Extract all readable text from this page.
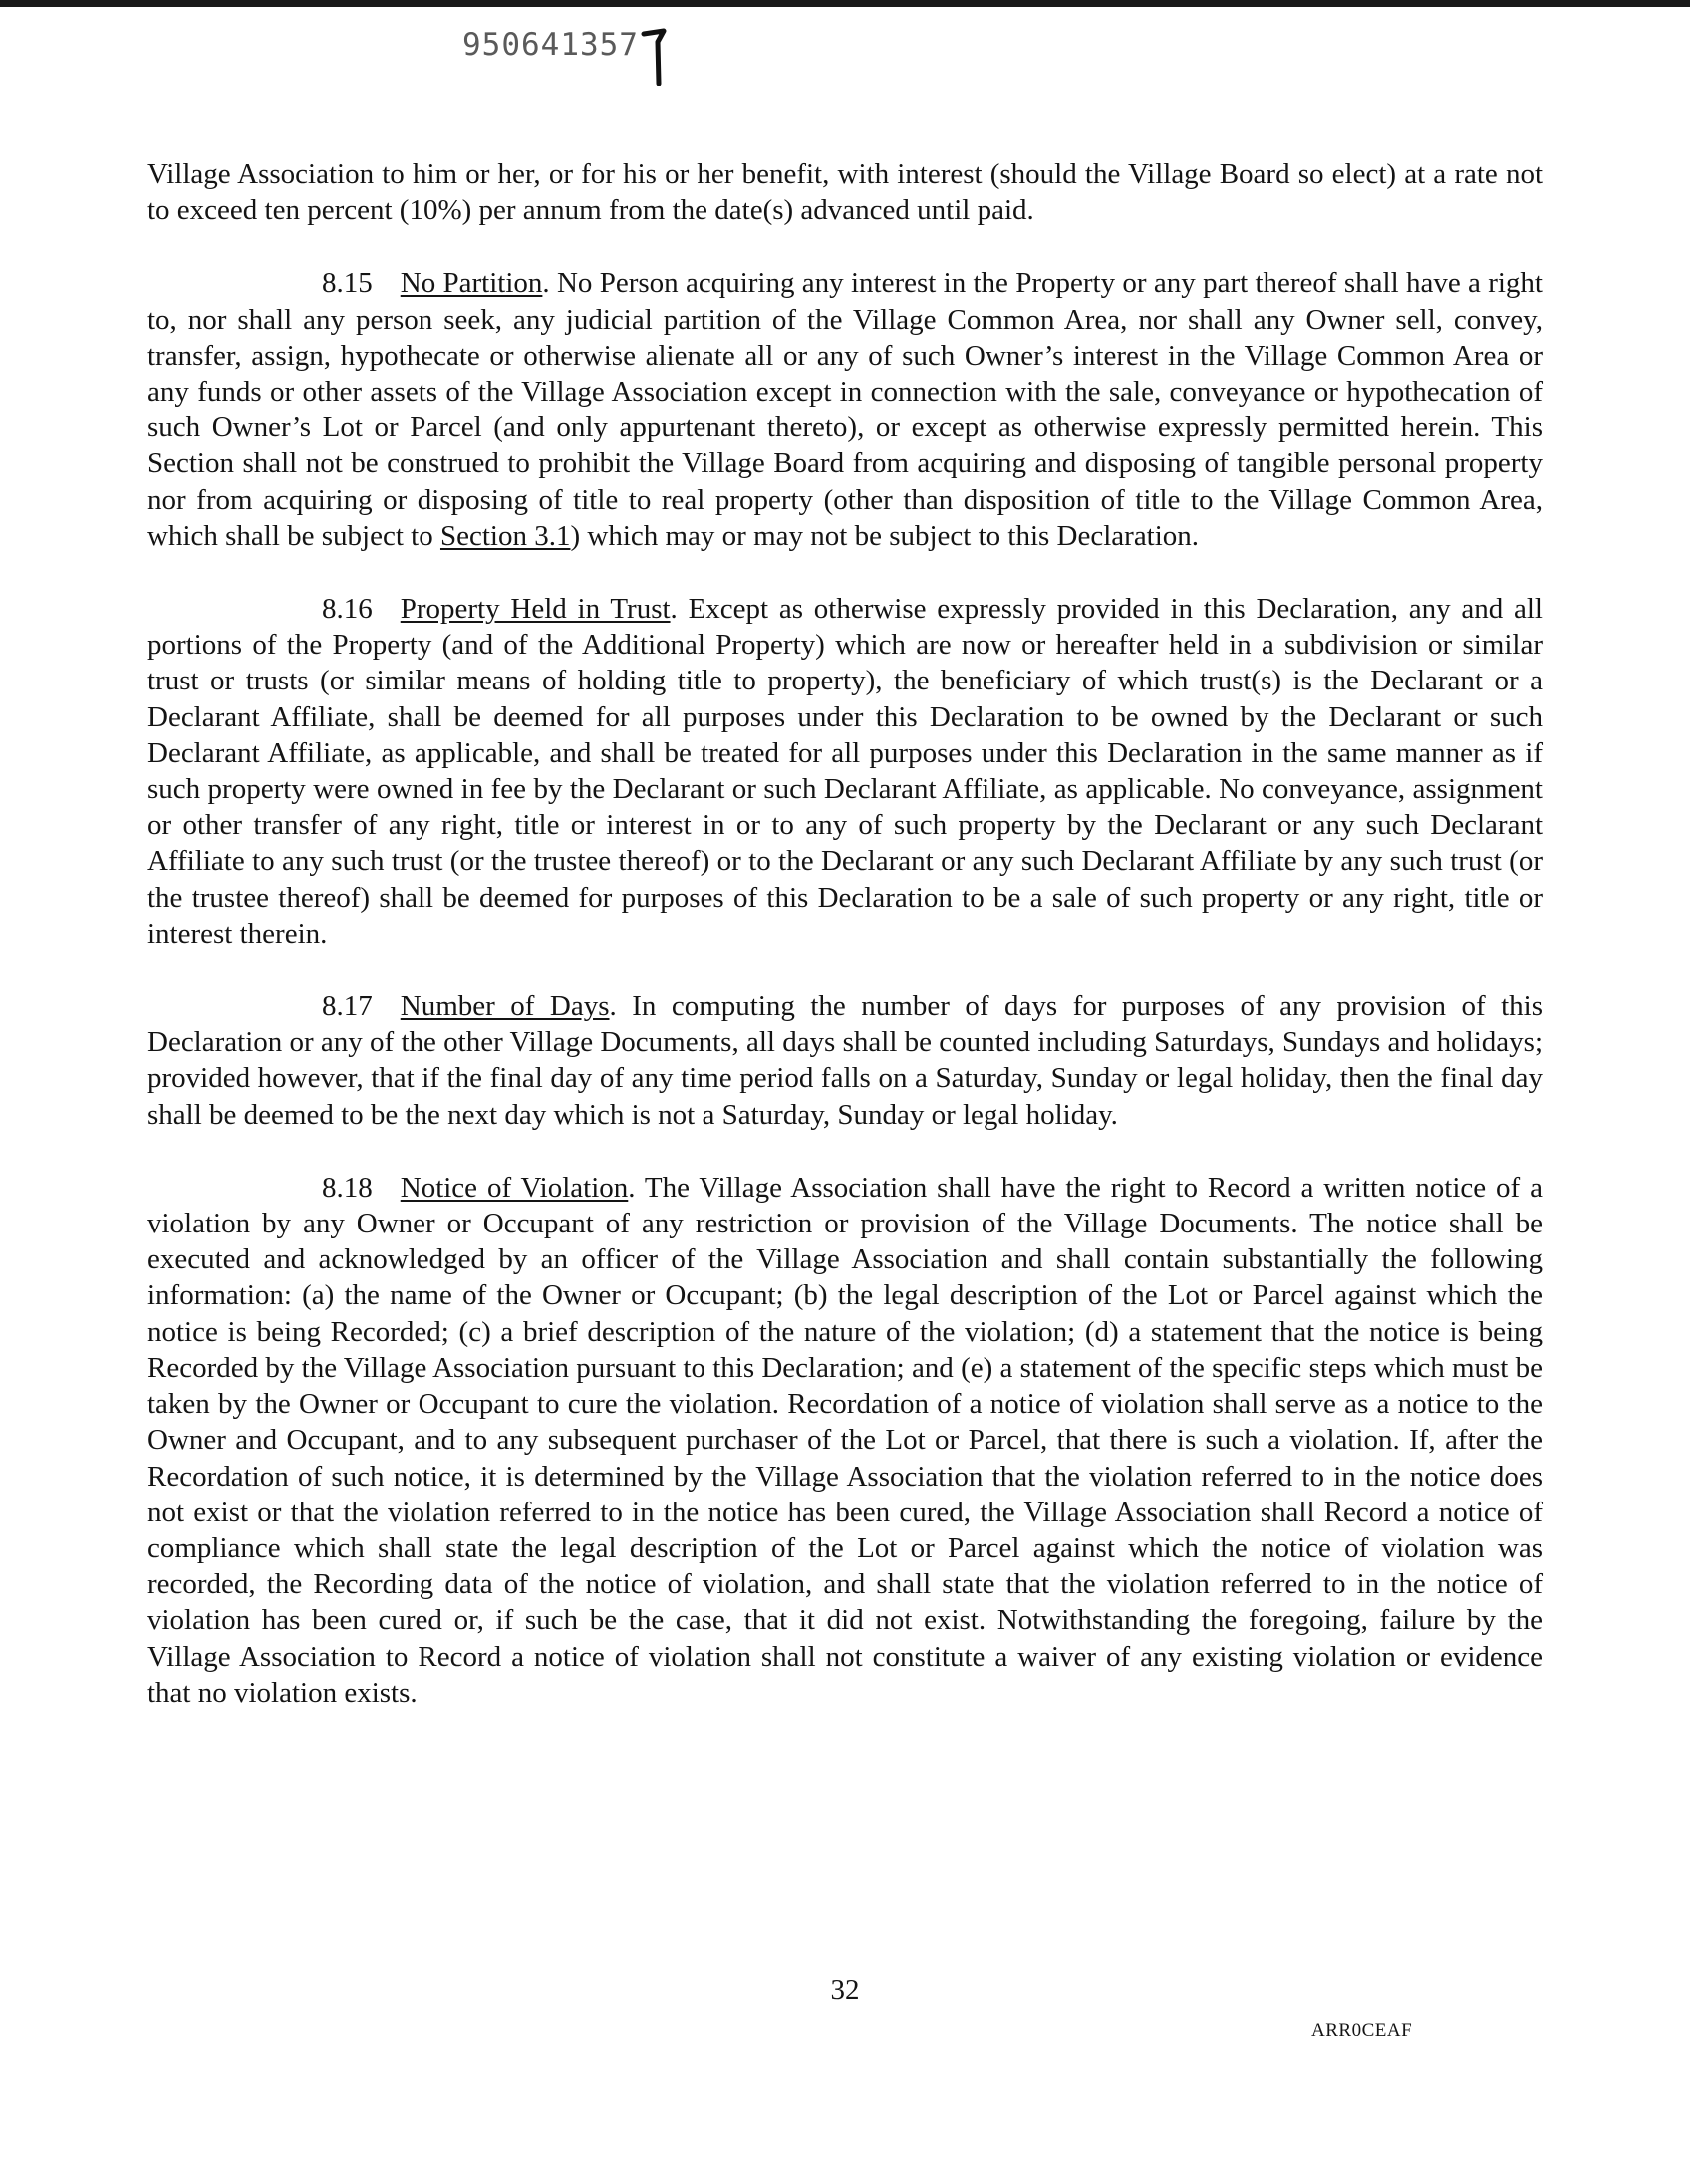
950641357

Village Association to him or her, or for his or her benefit, with interest (should the Village Board so elect) at a rate not to exceed ten percent (10%) per annum from the date(s) advanced until paid.

8.15 No Partition. No Person acquiring any interest in the Property or any part thereof shall have a right to, nor shall any person seek, any judicial partition of the Village Common Area, nor shall any Owner sell, convey, transfer, assign, hypothecate or otherwise alienate all or any of such Owner’s interest in the Village Common Area or any funds or other assets of the Village Association except in connection with the sale, conveyance or hypothecation of such Owner’s Lot or Parcel (and only appurtenant thereto), or except as otherwise expressly permitted herein. This Section shall not be construed to prohibit the Village Board from acquiring and disposing of tangible personal property nor from acquiring or disposing of title to real property (other than disposition of title to the Village Common Area, which shall be subject to Section 3.1) which may or may not be subject to this Declaration.

8.16 Property Held in Trust. Except as otherwise expressly provided in this Declaration, any and all portions of the Property (and of the Additional Property) which are now or hereafter held in a subdivision or similar trust or trusts (or similar means of holding title to property), the beneficiary of which trust(s) is the Declarant or a Declarant Affiliate, shall be deemed for all purposes under this Declaration to be owned by the Declarant or such Declarant Affiliate, as applicable, and shall be treated for all purposes under this Declaration in the same manner as if such property were owned in fee by the Declarant or such Declarant Affiliate, as applicable. No conveyance, assignment or other transfer of any right, title or interest in or to any of such property by the Declarant or any such Declarant Affiliate to any such trust (or the trustee thereof) or to the Declarant or any such Declarant Affiliate by any such trust (or the trustee thereof) shall be deemed for purposes of this Declaration to be a sale of such property or any right, title or interest therein.

8.17 Number of Days. In computing the number of days for purposes of any provision of this Declaration or any of the other Village Documents, all days shall be counted including Saturdays, Sundays and holidays; provided however, that if the final day of any time period falls on a Saturday, Sunday or legal holiday, then the final day shall be deemed to be the next day which is not a Saturday, Sunday or legal holiday.

8.18 Notice of Violation. The Village Association shall have the right to Record a written notice of a violation by any Owner or Occupant of any restriction or provision of the Village Documents. The notice shall be executed and acknowledged by an officer of the Village Association and shall contain substantially the following information: (a) the name of the Owner or Occupant; (b) the legal description of the Lot or Parcel against which the notice is being Recorded; (c) a brief description of the nature of the violation; (d) a statement that the notice is being Recorded by the Village Association pursuant to this Declaration; and (e) a statement of the specific steps which must be taken by the Owner or Occupant to cure the violation. Recordation of a notice of violation shall serve as a notice to the Owner and Occupant, and to any subsequent purchaser of the Lot or Parcel, that there is such a violation. If, after the Recordation of such notice, it is determined by the Village Association that the violation referred to in the notice does not exist or that the violation referred to in the notice has been cured, the Village Association shall Record a notice of compliance which shall state the legal description of the Lot or Parcel against which the notice of violation was recorded, the Recording data of the notice of violation, and shall state that the violation referred to in the notice of violation has been cured or, if such be the case, that it did not exist. Notwithstanding the foregoing, failure by the Village Association to Record a notice of violation shall not constitute a waiver of any existing violation or evidence that no violation exists.

32
ARR0CEAF
